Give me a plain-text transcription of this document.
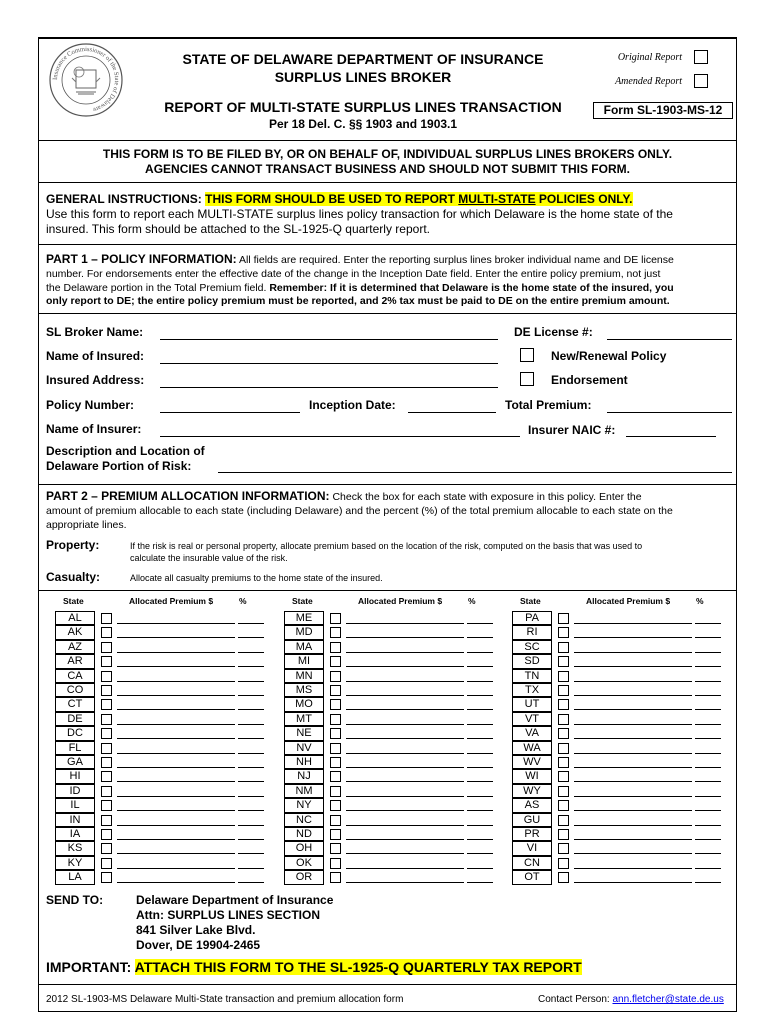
Insurance Commissioner of the State of Delaware
STATE OF DELAWARE DEPARTMENT OF INSURANCE
SURPLUS LINES BROKER
Original Report
Amended Report
REPORT OF MULTI-STATE SURPLUS LINES TRANSACTION	Form SL-1903-MS-12
Per 18 Del. C. §§ 1903 and 1903.1
THIS FORM IS TO BE FILED BY, OR ON BEHALF OF, INDIVIDUAL SURPLUS LINES BROKERS ONLY.
AGENCIES CANNOT TRANSACT BUSINESS AND SHOULD NOT SUBMIT THIS FORM.
GENERAL INSTRUCTIONS: THIS FORM SHOULD BE USED TO REPORT MULTI-STATE POLICIES ONLY.
Use this form to report each MULTI-STATE surplus lines policy transaction for which Delaware is the home state of the
insured. This form should be attached to the SL-1925-Q quarterly report.
PART 1 – POLICY INFORMATION: All fields are required. Enter the reporting surplus lines broker individual name and DE license
number. For endorsements enter the effective date of the change in the Inception Date field. Enter the entire policy premium, not just
the Delaware portion in the Total Premium field. Remember: If it is determined that Delaware is the home state of the insured, you
only report to DE; the entire policy premium must be reported, and 2% tax must be paid to DE on the entire premium amount.
SL Broker Name:	DE License #:
Name of Insured:	New/Renewal Policy
Insured Address:	Endorsement
Policy Number:	Inception Date:	Total Premium:
Name of Insurer:	Insurer NAIC #:
Description and Location of
Delaware Portion of Risk:
PART 2 – PREMIUM ALLOCATION INFORMATION: Check the box for each state with exposure in this policy. Enter the
amount of premium allocable to each state (including Delaware) and the percent (%) of the total premium allocable to each state on the
appropriate lines.
Property:	If the risk is real or personal property, allocate premium based on the location of the risk, computed on the basis that was used to
calculate the insurable value of the risk.
Casualty:	Allocate all casualty premiums to the home state of the insured.
State	Allocated Premium $	%
AL
AK
AZ
AR
CA
CO
CT
DE
DC
FL
GA
HI
ID
IL
IN
IA
KS
KY
LA
State	Allocated Premium $	%
ME
MD
MA
MI
MN
MS
MO
MT
NE
NV
NH
NJ
NM
NY
NC
ND
OH
OK
OR
State	Allocated Premium $	%
PA
RI
SC
SD
TN
TX
UT
VT
VA
WA
WV
WI
WY
AS
GU
PR
VI
CN
OT
SEND TO:	Delaware Department of Insurance
Attn: SURPLUS LINES SECTION
841 Silver Lake Blvd.
Dover, DE 19904-2465
IMPORTANT: ATTACH THIS FORM TO THE SL-1925-Q QUARTERLY TAX REPORT
2012 SL-1903-MS Delaware Multi-State transaction and premium allocation form	Contact Person: ann.fletcher@state.de.us
